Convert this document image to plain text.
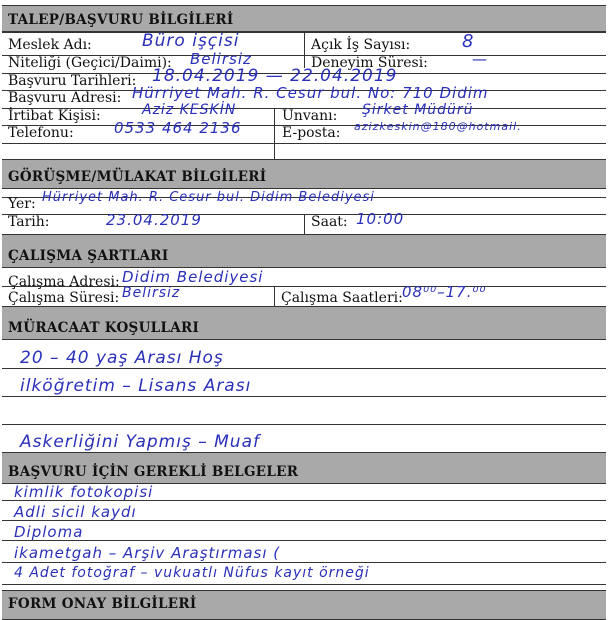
TALEP/BAŞVURU BİLGİLERİ
Meslek Adı:	Büro işçisi	Açık İş Sayısı:	8
Niteliği (Geçici/Daimi): Belirsiz	Deneyim Süresi:	—
Başvuru Tarihleri: 18.04.2019 — 22.04.2019
Başvuru Adresi: Hürriyet Mah. R. Cesur bul. No: 710 Didim
İrtibat Kişisi:	Aziz KESKİN	Unvanı: Şirket Müdürü
Telefonu:	0533 464 2136	E-posta: azizkeskin@180@hotmail.
GÖRÜŞME/MÜLAKAT BİLGİLERİ
Yer: Hürriyet Mah. R. Cesur bul. Didim Belediyesi
Tarih:	23.04.2019	Saat: 10:00
ÇALIŞMA ŞARTLARI
Çalışma Adresi: Didim Belediyesi
Çalışma Süresi: Belirsiz	Çalışma Saatleri: 08⁰⁰–17.⁰⁰
MÜRACAAT KOŞULLARI
20 – 40 yaş Arası Hoş
ilköğretim – Lisans Arası
Askerliğini Yapmış – Muaf
BAŞVURU İÇİN GEREKLİ BELGELER
kimlik fotokopisi
Adli sicil kaydı
Diploma
ikametgah – Arşiv Araştırması (
4 Adet fotoğraf – vukuatlı Nüfus kayıt örneği
FORM ONAY BİLGİLERİ
